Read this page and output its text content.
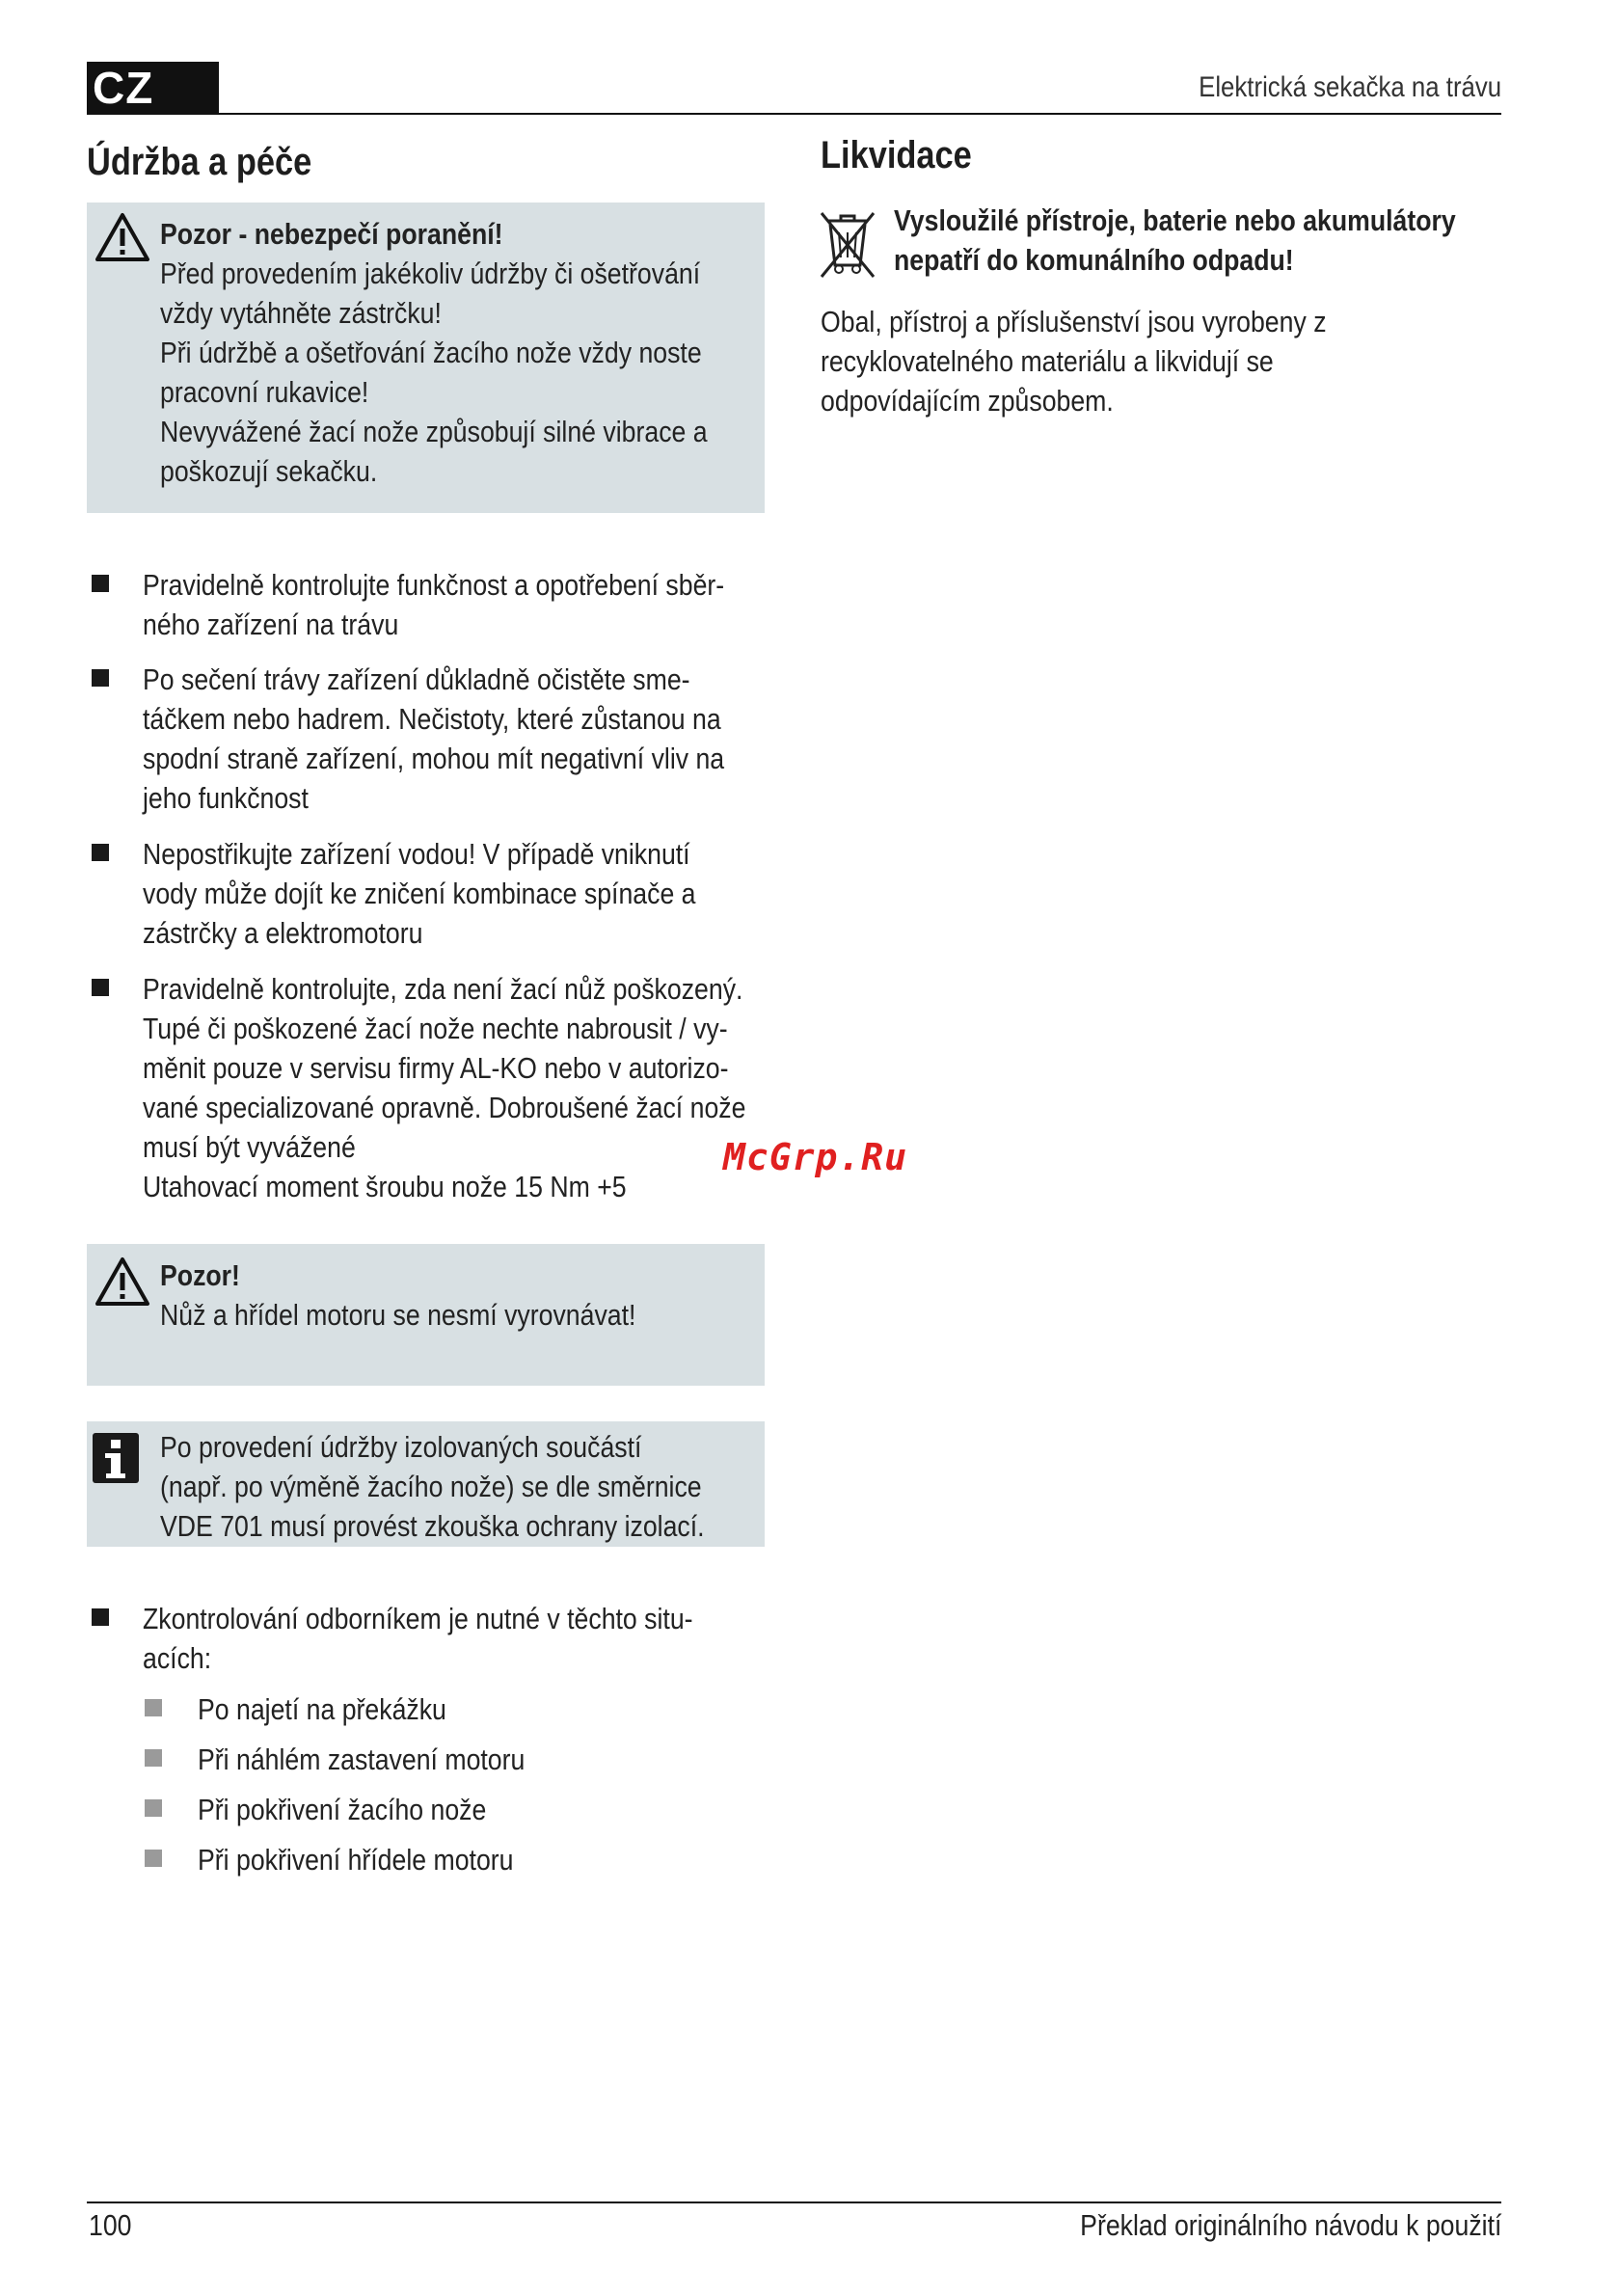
CZ	Elektrická sekačka na trávu
Údržba a péče
Pozor - nebezpečí poranění!
Před provedením jakékoliv údržby či ošetřování
vždy vytáhněte zástrčku!
Při údržbě a ošetřování žacího nože vždy noste
pracovní rukavice!
Nevyvážené žací nože způsobují silné vibrace a
poškozují sekačku.
Pravidelně kontrolujte funkčnost a opotřebení sběr-
ného zařízení na trávu
Po sečení trávy zařízení důkladně očistěte sme-
táčkem nebo hadrem. Nečistoty, které zůstanou na
spodní straně zařízení, mohou mít negativní vliv na
jeho funkčnost
Nepostřikujte zařízení vodou! V případě vniknutí
vody může dojít ke zničení kombinace spínače a
zástrčky a elektromotoru
Pravidelně kontrolujte, zda není žací nůž poškozený.
Tupé či poškozené žací nože nechte nabrousit / vy-
měnit pouze v servisu firmy AL-KO nebo v autorizo-
vané specializované opravně. Dobroušené žací nože
musí být vyvážené
Utahovací moment šroubu nože 15 Nm +5
McGrp.Ru
Pozor!
Nůž a hřídel motoru se nesmí vyrovnávat!
Po provedení údržby izolovaných součástí
(např. po výměně žacího nože) se dle směrnice
VDE 701 musí provést zkouška ochrany izolací.
Zkontrolování odborníkem je nutné v těchto situ-
acích:
Po najetí na překážku
Při náhlém zastavení motoru
Při pokřivení žacího nože
Při pokřivení hřídele motoru
Likvidace
Vysloužilé přístroje, baterie nebo akumulátory
nepatří do komunálního odpadu!
Obal, přístroj a příslušenství jsou vyrobeny z
recyklovatelného materiálu a likvidují se
odpovídajícím způsobem.
100	Překlad originálního návodu k použití
